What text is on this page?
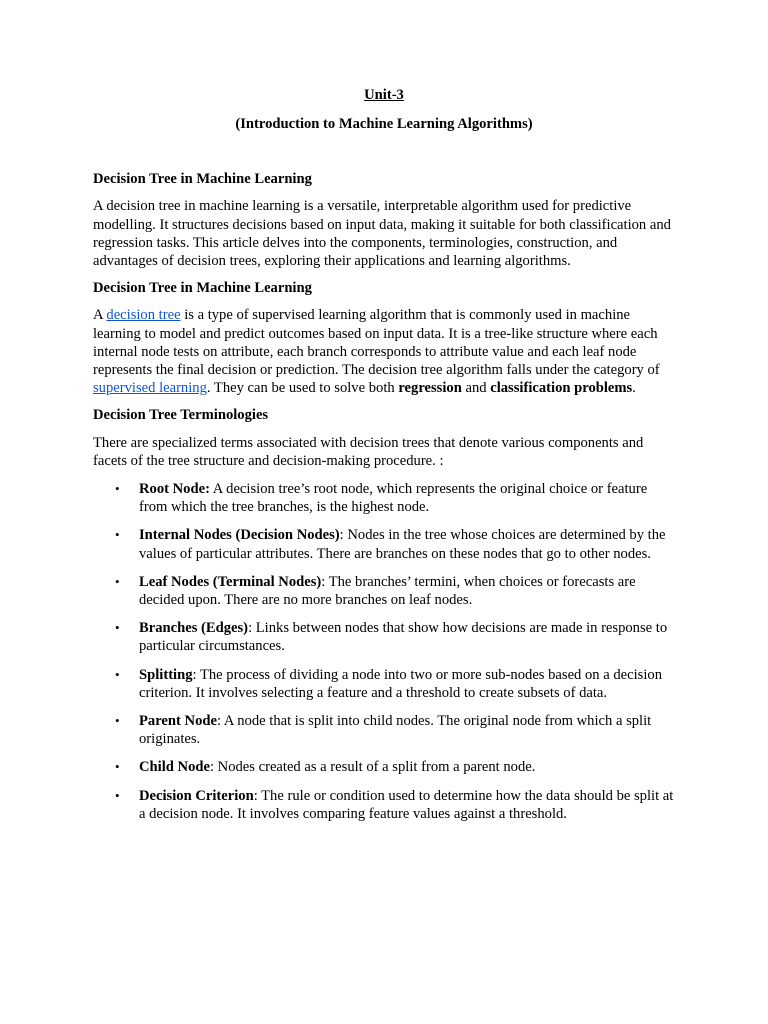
Unit-3
(Introduction to Machine Learning Algorithms)
Decision Tree in Machine Learning

A decision tree in machine learning is a versatile, interpretable algorithm used for predictive modelling. It structures decisions based on input data, making it suitable for both classification and regression tasks. This article delves into the components, terminologies, construction, and advantages of decision trees, exploring their applications and learning algorithms.

Decision Tree in Machine Learning

A decision tree is a type of supervised learning algorithm that is commonly used in machine learning to model and predict outcomes based on input data. It is a tree-like structure where each internal node tests on attribute, each branch corresponds to attribute value and each leaf node represents the final decision or prediction. The decision tree algorithm falls under the category of supervised learning. They can be used to solve both regression and classification problems.

Decision Tree Terminologies

There are specialized terms associated with decision trees that denote various components and facets of the tree structure and decision-making procedure. :

• Root Node: A decision tree’s root node, which represents the original choice or feature from which the tree branches, is the highest node.
• Internal Nodes (Decision Nodes): Nodes in the tree whose choices are determined by the values of particular attributes. There are branches on these nodes that go to other nodes.
• Leaf Nodes (Terminal Nodes): The branches’ termini, when choices or forecasts are decided upon. There are no more branches on leaf nodes.
• Branches (Edges): Links between nodes that show how decisions are made in response to particular circumstances.
• Splitting: The process of dividing a node into two or more sub-nodes based on a decision criterion. It involves selecting a feature and a threshold to create subsets of data.
• Parent Node: A node that is split into child nodes. The original node from which a split originates.
• Child Node: Nodes created as a result of a split from a parent node.
• Decision Criterion: The rule or condition used to determine how the data should be split at a decision node. It involves comparing feature values against a threshold.
